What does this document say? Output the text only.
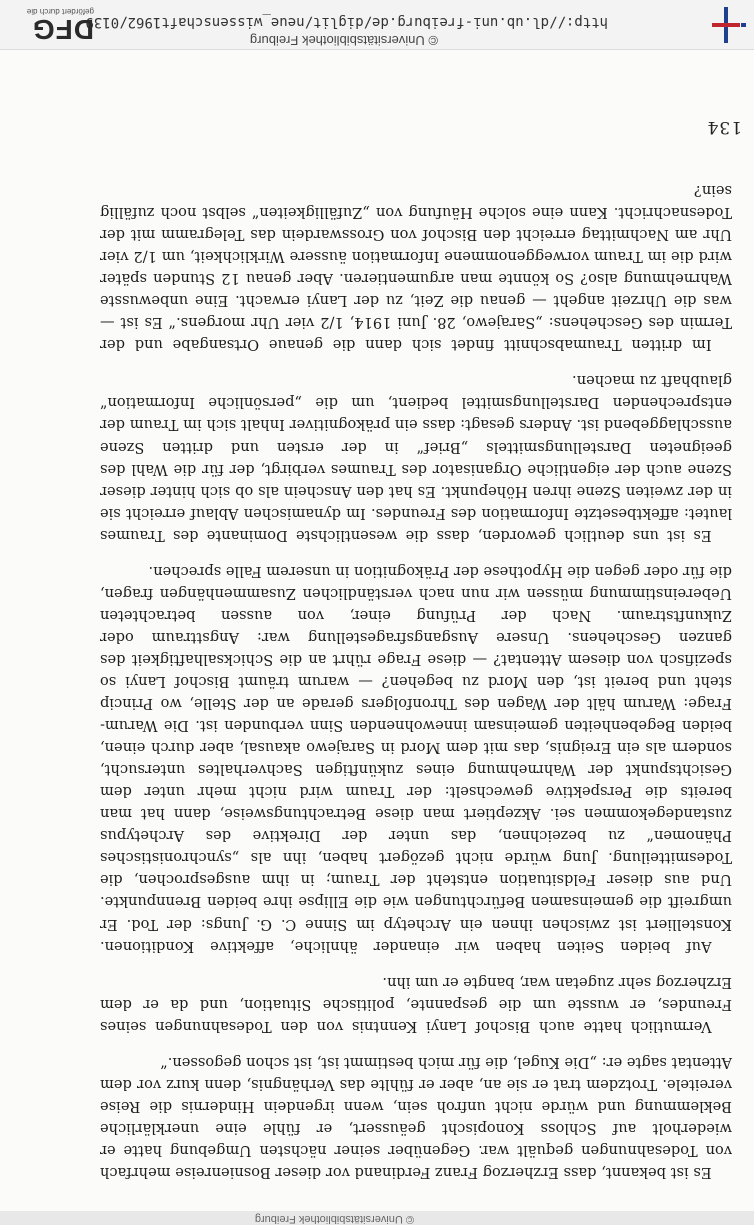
© Universitätsbibliothek Freiburg

Es ist bekannt, dass Erzherzog Franz Ferdinand vor dieser Bosnienreise mehrfach von Todesahnungen gequält war. Gegenüber seiner nächsten Umgebung hatte er wiederholt auf Schloss Konopischt geäussert, er fühle eine unerklärliche Beklemmung und würde nicht unfroh sein, wenn irgendein Hindernis die Reise vereitele. Trotzdem trat er sie an, aber er fühlte das Verhängnis, denn kurz vor dem Attentat sagte er: „Die Kugel, die für mich bestimmt ist, ist schon gegossen.“

Vermutlich hatte auch Bischof Lanyi Kenntnis von den Todesahnungen seines Freundes, er wusste um die gespannte, politische Situation, und da er dem Erzherzog sehr zugetan war, bangte er um ihn.

Auf beiden Seiten haben wir einander ähnliche, affektive Konditionen. Konstelliert ist zwischen ihnen ein Archetyp im Sinne C. G. Jungs: der Tod. Er umgreift die gemeinsamen Befürchtungen wie die Ellipse ihre beiden Brennpunkte. Und aus dieser Feldsituation entsteht der Traum; in ihm ausgesprochen, die Todesmitteilung. Jung würde nicht gezögert haben, ihn als „synchronistisches Phänomen“ zu bezeichnen, das unter der Direktive des Archetypus zustandegekommen sei. Akzeptiert man diese Betrachtungsweise, dann hat man bereits die Perspektive gewechselt: der Traum wird nicht mehr unter dem Gesichtspunkt der Wahrnehmung eines zukünftigen Sachverhaltes untersucht, sondern als ein Ereignis, das mit dem Mord in Sarajewo akausal, aber durch einen, beiden Begebenheiten gemeinsam innewohnenden Sinn verbunden ist. Die Warum-Frage: Warum hält der Wagen des Thronfolgers gerade an der Stelle, wo Princip steht und bereit ist, den Mord zu begehen? — warum träumt Bischof Lanyi so spezifisch von diesem Attentat? — diese Frage rührt an die Schicksalhaftigkeit des ganzen Geschehens. Unsere Ausgangsfragestellung war: Angsttraum oder Zukunftstraum. Nach der Prüfung einer, von aussen betrachteten Uebereinstimmung müssen wir nun nach verständlichen Zusammenhängen fragen, die für oder gegen die Hypothese der Präkognition in unserem Falle sprechen.

Es ist uns deutlich geworden, dass die wesentlichste Dominante des Traumes lautet: affektbesetzte Information des Freundes. Im dynamischen Ablauf erreicht sie in der zweiten Szene ihren Höhepunkt. Es hat den Anschein als ob sich hinter dieser Szene auch der eigentliche Organisator des Traumes verbirgt, der für die Wahl des geeigneten Darstellungsmittels „Brief“ in der ersten und dritten Szene ausschlaggebend ist. Anders gesagt: dass ein präkognitiver Inhalt sich im Traum der entsprechenden Darstellungsmittel bedient, um die „persönliche Information“ glaubhaft zu machen.

Im dritten Traumabschnitt findet sich dann die genaue Ortsangabe und der Termin des Geschehens: „Sarajewo, 28. Juni 1914, 1/2 vier Uhr morgens.“ Es ist — was die Uhrzeit angeht — genau die Zeit, zu der Lanyi erwacht. Eine unbewusste Wahrnehmung also? So könnte man argumentieren. Aber genau 12 Stunden später wird die im Traum vorweggenommene Information äussere Wirklichkeit, um 1/2 vier Uhr am Nachmittag erreicht den Bischof von Grosswardein das Telegramm mit der Todesnachricht. Kann eine solche Häufung von „Zufälligkeiten“ selbst noch zufällig sein?

134
© Universitätsbibliothek Freiburg
http://dl.ub.uni-freiburg.de/diglit/neue_wissenschaft1962/0139
DFG
gefördert durch die
